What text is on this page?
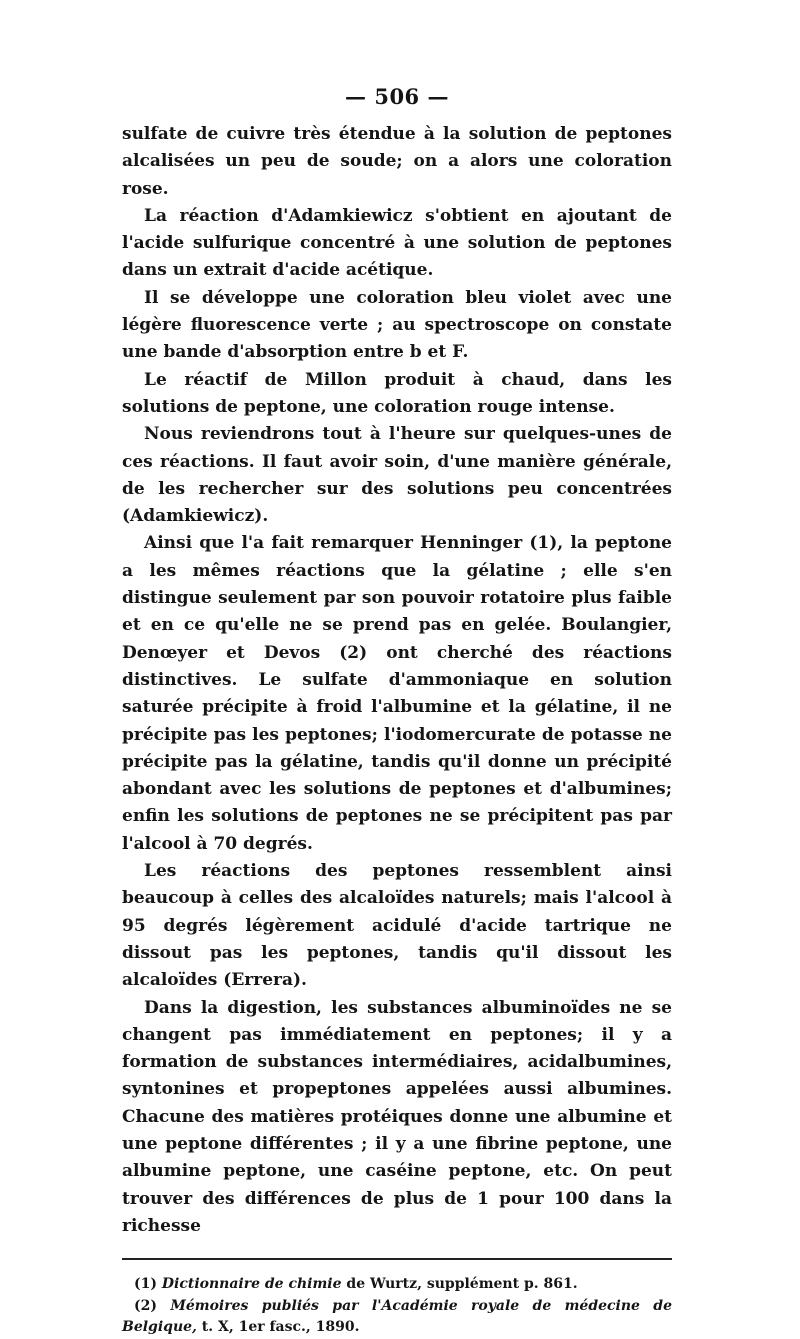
— 506 —

sulfate de cuivre très étendue à la solution de peptones alcalisées un peu de soude; on a alors une coloration rose.

La réaction d'Adamkiewicz s'obtient en ajoutant de l'acide sulfurique concentré à une solution de peptones dans un extrait d'acide acétique.

Il se développe une coloration bleu violet avec une légère fluorescence verte ; au spectroscope on constate une bande d'absorption entre b et F.

Le réactif de Millon produit à chaud, dans les solutions de peptone, une coloration rouge intense.

Nous reviendrons tout à l'heure sur quelques-unes de ces réactions. Il faut avoir soin, d'une manière générale, de les rechercher sur des solutions peu concentrées (Adamkiewicz).

Ainsi que l'a fait remarquer Henninger (1), la peptone a les mêmes réactions que la gélatine ; elle s'en distingue seulement par son pouvoir rotatoire plus faible et en ce qu'elle ne se prend pas en gelée. Boulangier, Denœyer et Devos (2) ont cherché des réactions distinctives. Le sulfate d'ammoniaque en solution saturée précipite à froid l'albumine et la gélatine, il ne précipite pas les peptones; l'iodomercurate de potasse ne précipite pas la gélatine, tandis qu'il donne un précipité abondant avec les solutions de peptones et d'albumines; enfin les solutions de peptones ne se précipitent pas par l'alcool à 70 degrés.

Les réactions des peptones ressemblent ainsi beaucoup à celles des alcaloïdes naturels; mais l'alcool à 95 degrés légèrement acidulé d'acide tartrique ne dissout pas les peptones, tandis qu'il dissout les alcaloïdes (Errera).

Dans la digestion, les substances albuminoïdes ne se changent pas immédiatement en peptones; il y a formation de substances intermédiaires, acidalbumines, syntonines et propeptones appelées aussi albumines. Chacune des matières protéiques donne une albumine et une peptone différentes ; il y a une fibrine peptone, une albumine peptone, une caséine peptone, etc. On peut trouver des différences de plus de 1 pour 100 dans la richesse

(1) Dictionnaire de chimie de Wurtz, supplément p. 861.

(2) Mémoires publiés par l'Académie royale de médecine de Belgique, t. X, 1er fasc., 1890.
